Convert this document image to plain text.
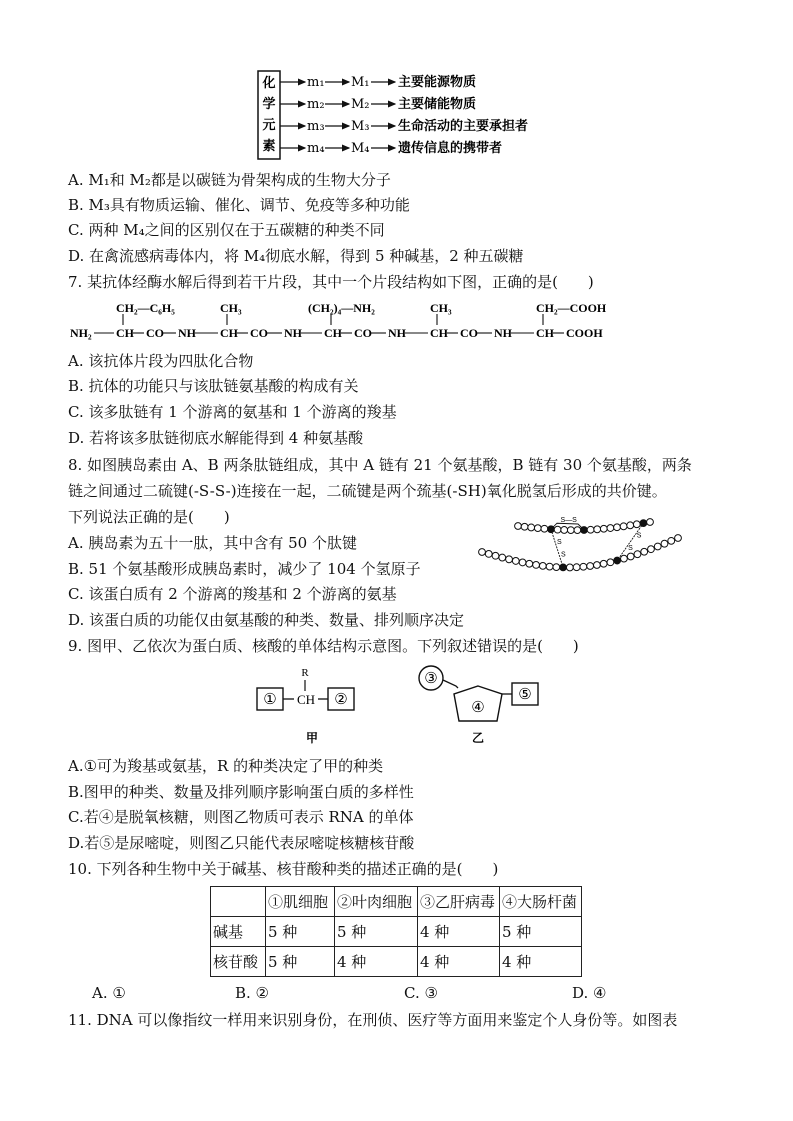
化
学
元
素
m₁ M₁ 主要能源物质
m₂ M₂ 主要储能物质
m₃ M₃ 生命活动的主要承担者
m₄ M₄ 遗传信息的携带者
A. M₁和 M₂都是以碳链为骨架构成的生物大分子
B. M₃具有物质运输、催化、调节、免疫等多种功能
C. 两种 M₄之间的区别仅在于五碳糖的种类不同
D. 在禽流感病毒体内，将 M₄彻底水解，得到 5 种碱基，2 种五碳糖
7. 某抗体经酶水解后得到若干片段，其中一个片段结构如下图，正确的是(　　)
NH₂ CH CO NH CH CO NH CH CO NH CH CO NH CH COOH
CH₂—C₆H₅	CH₃	(CH₂)₄—NH₂	CH₃	CH₂—COOH
A. 该抗体片段为四肽化合物
B. 抗体的功能只与该肽链氨基酸的构成有关
C. 该多肽链有 1 个游离的氨基和 1 个游离的羧基
D. 若将该多肽链彻底水解能得到 4 种氨基酸
8. 如图胰岛素由 A、B 两条肽链组成，其中 A 链有 21 个氨基酸，B 链有 30 个氨基酸，两条
链之间通过二硫键(-S-S-)连接在一起，二硫键是两个巯基(-SH)氧化脱氢后形成的共价键。
下列说法正确的是(　　)
A. 胰岛素为五十一肽，其中含有 50 个肽键
B. 51 个氨基酸形成胰岛素时，减少了 104 个氢原子
C. 该蛋白质有 2 个游离的羧基和 2 个游离的氨基
D. 该蛋白质的功能仅由氨基酸的种类、数量、排列顺序决定
S—S
S
S
S
S
9. 图甲、乙依次为蛋白质、核酸的单体结构示意图。下列叙述错误的是(　　)
① CH
R
②
甲
③
④
⑤
乙
A.①可为羧基或氨基，R 的种类决定了甲的种类
B.图甲的种类、数量及排列顺序影响蛋白质的多样性
C.若④是脱氧核糖，则图乙物质可表示 RNA 的单体
D.若⑤是尿嘧啶，则图乙只能代表尿嘧啶核糖核苷酸
10. 下列各种生物中关于碱基、核苷酸种类的描述正确的是(　　)
	①肌细胞	②叶肉细胞	③乙肝病毒	④大肠杆菌
碱基	5 种	5 种	4 种	5 种
核苷酸	5 种	4 种	4 种	4 种
A. ①	B. ②	C. ③	D. ④
11. DNA 可以像指纹一样用来识别身份，在刑侦、医疗等方面用来鉴定个人身份等。如图表
